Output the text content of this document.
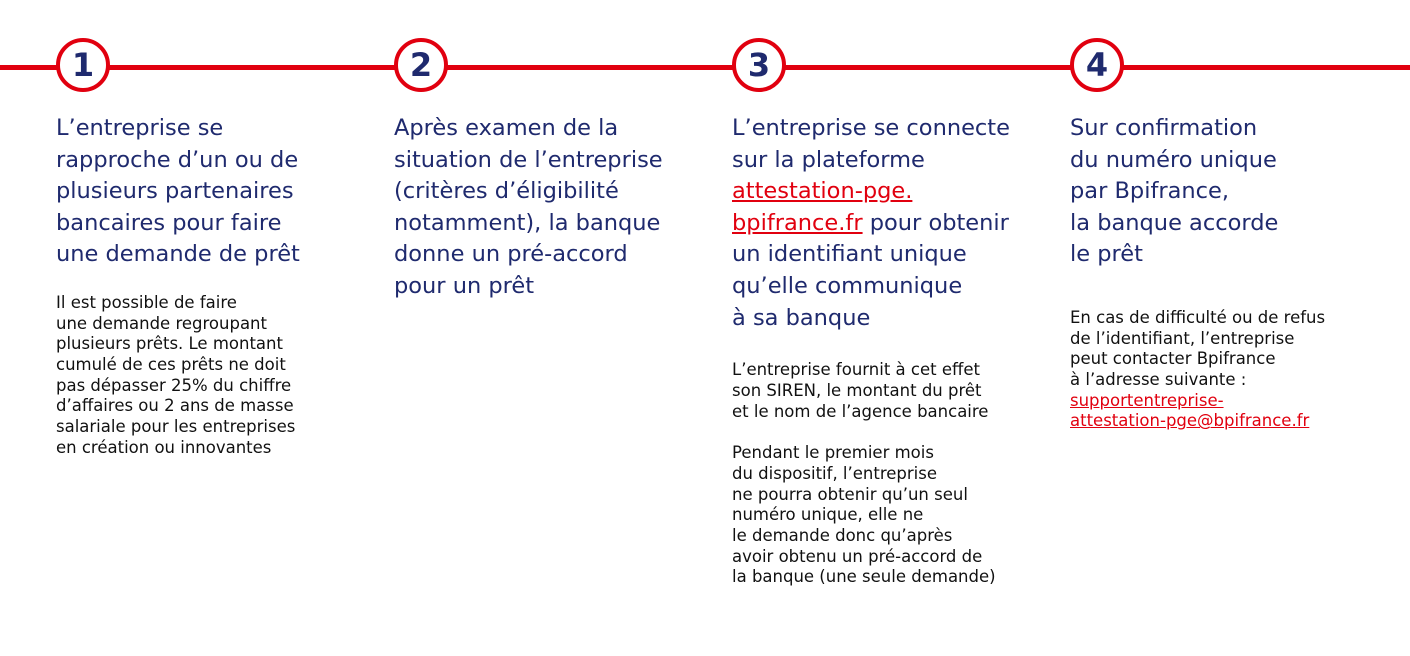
1	2	3	4
L’entreprise se
rapproche d’un ou de
plusieurs partenaires
bancaires pour faire
une demande de prêt

Il est possible de faire
une demande regroupant
plusieurs prêts. Le montant
cumulé de ces prêts ne doit
pas dépasser 25% du chiffre
d’affaires ou 2 ans de masse
salariale pour les entreprises
en création ou innovantes

Après examen de la
situation de l’entreprise
(critères d’éligibilité
notamment), la banque
donne un pré-accord
pour un prêt
L’entreprise se connecte
sur la plateforme
attestation-pge.
bpifrance.fr pour obtenir
un identifiant unique
qu’elle communique
à sa banque

L’entreprise fournit à cet effet
son SIREN, le montant du prêt
et le nom de l’agence bancaire

Pendant le premier mois
du dispositif, l’entreprise
ne pourra obtenir qu’un seul
numéro unique, elle ne
le demande donc qu’après
avoir obtenu un pré-accord de
la banque (une seule demande)

Sur confirmation
du numéro unique
par Bpifrance,
la banque accorde
le prêt

En cas de difficulté ou de refus
de l’identifiant, l’entreprise
peut contacter Bpifrance
à l’adresse suivante :
supportentreprise-
attestation-pge@bpifrance.fr
